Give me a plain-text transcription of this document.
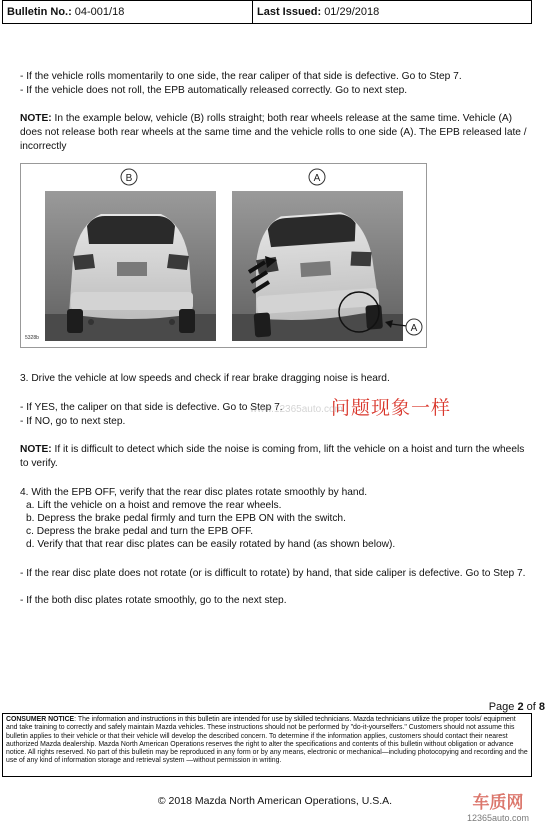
Bulletin No.: 04-001/18	Last Issued: 01/29/2018
- If the vehicle rolls momentarily to one side, the rear caliper of that side is defective. Go to Step 7.
- If the vehicle does not roll, the EPB automatically released correctly. Go to next step.
NOTE: In the example below, vehicle (B) rolls straight; both rear wheels release at the same time. Vehicle (A) does not release both rear wheels at the same time and the vehicle rolls to one side (A). The EPB released late / incorrectly
B
5328b
A
A
3. Drive the vehicle at low speeds and check if rear brake dragging noise is heard.
- If YES, the caliper on that side is defective. Go to Step 7.
- If NO, go to next step.
问题现象一样
www.12365auto.com
NOTE: If it is difficult to detect which side the noise is coming from, lift the vehicle on a hoist and turn the wheels to verify.
4. With the EPB OFF, verify that the rear disc plates rotate smoothly by hand.
a. Lift the vehicle on a hoist and remove the rear wheels.
b. Depress the brake pedal firmly and turn the EPB ON with the switch.
c. Depress the brake pedal and turn the EPB OFF.
d. Verify that that rear disc plates can be easily rotated by hand (as shown below).
- If the rear disc plate does not rotate (or is difficult to rotate) by hand, that side caliper is defective. Go to Step 7.
- If the both disc plates rotate smoothly, go to the next step.
Page 2 of 8
CONSUMER NOTICE: The information and instructions in this bulletin are intended for use by skilled technicians. Mazda technicians utilize the proper tools/ equipment and take training to correctly and safely maintain Mazda vehicles. These instructions should not be performed by "do-it-yourselfers." Customers should not assume this bulletin applies to their vehicle or that their vehicle will develop the described concern. To determine if the information applies, customers should contact their nearest authorized Mazda dealership. Mazda North American Operations reserves the right to alter the specifications and contents of this bulletin without obligation or advance notice. All rights reserved. No part of this bulletin may be reproduced in any form or by any means, electronic or mechanical—including photocopying and recording and the use of any kind of information storage and retrieval system —without permission in writing.
© 2018 Mazda North American Operations, U.S.A.	车质网
12365auto.com
